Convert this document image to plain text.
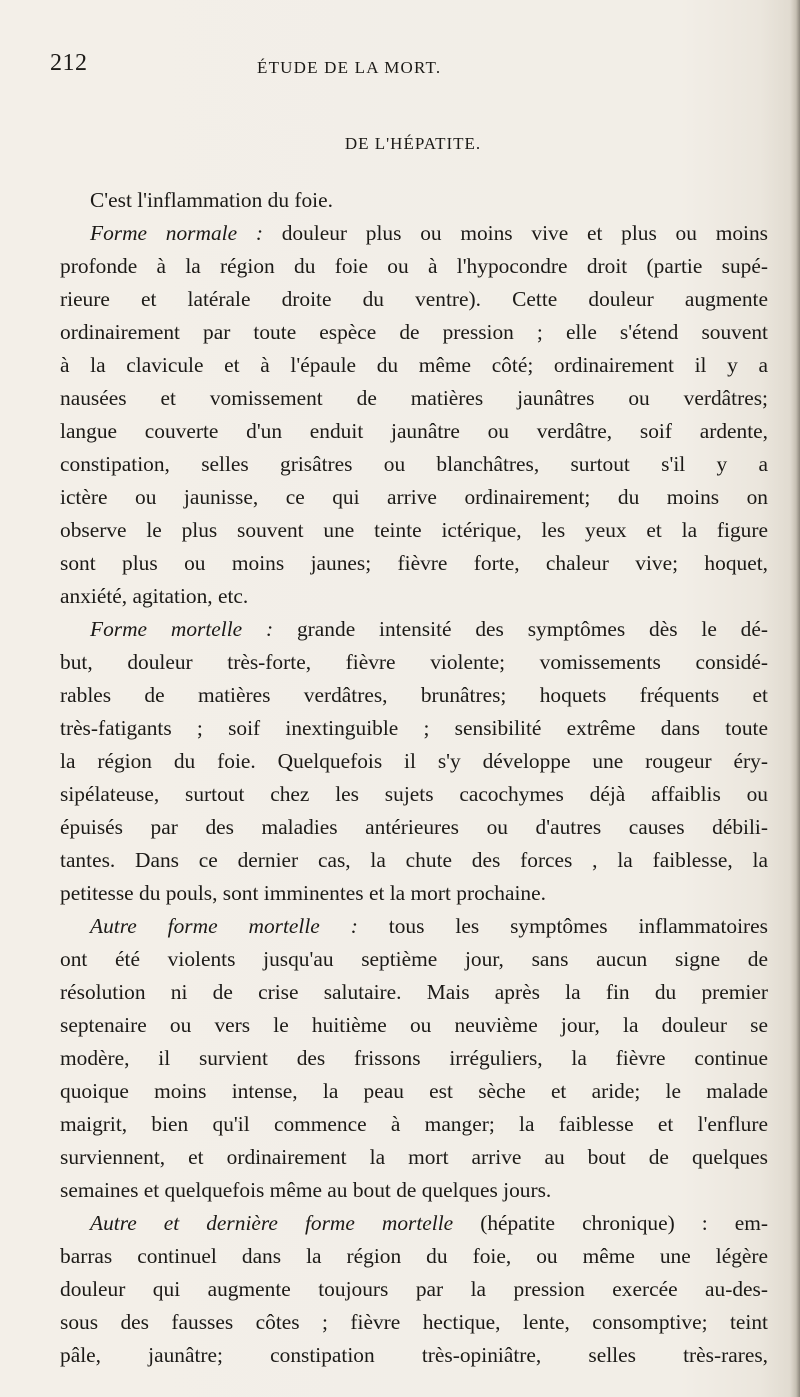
212	ÉTUDE DE LA MORT.
DE L'HÉPATITE.
C'est l'inflammation du foie.
Forme normale : douleur plus ou moins vive et plus ou moins
profonde à la région du foie ou à l'hypocondre droit (partie supé-
rieure et latérale droite du ventre). Cette douleur augmente
ordinairement par toute espèce de pression ; elle s'étend souvent
à la clavicule et à l'épaule du même côté; ordinairement il y a
nausées et vomissement de matières jaunâtres ou verdâtres;
langue couverte d'un enduit jaunâtre ou verdâtre, soif ardente,
constipation, selles grisâtres ou blanchâtres, surtout s'il y a
ictère ou jaunisse, ce qui arrive ordinairement; du moins on
observe le plus souvent une teinte ictérique, les yeux et la figure
sont plus ou moins jaunes; fièvre forte, chaleur vive; hoquet,
anxiété, agitation, etc.
Forme mortelle : grande intensité des symptômes dès le dé-
but, douleur très-forte, fièvre violente; vomissements considé-
rables de matières verdâtres, brunâtres; hoquets fréquents et
très-fatigants ; soif inextinguible ; sensibilité extrême dans toute
la région du foie. Quelquefois il s'y développe une rougeur éry-
sipélateuse, surtout chez les sujets cacochymes déjà affaiblis ou
épuisés par des maladies antérieures ou d'autres causes débili-
tantes. Dans ce dernier cas, la chute des forces , la faiblesse, la
petitesse du pouls, sont imminentes et la mort prochaine.
Autre forme mortelle : tous les symptômes inflammatoires
ont été violents jusqu'au septième jour, sans aucun signe de
résolution ni de crise salutaire. Mais après la fin du premier
septenaire ou vers le huitième ou neuvième jour, la douleur se
modère, il survient des frissons irréguliers, la fièvre continue
quoique moins intense, la peau est sèche et aride; le malade
maigrit, bien qu'il commence à manger; la faiblesse et l'enflure
surviennent, et ordinairement la mort arrive au bout de quelques
semaines et quelquefois même au bout de quelques jours.
Autre et dernière forme mortelle (hépatite chronique) : em-
barras continuel dans la région du foie, ou même une légère
douleur qui augmente toujours par la pression exercée au-des-
sous des fausses côtes ; fièvre hectique, lente, consomptive; teint
pâle, jaunâtre; constipation très-opiniâtre, selles très-rares,
